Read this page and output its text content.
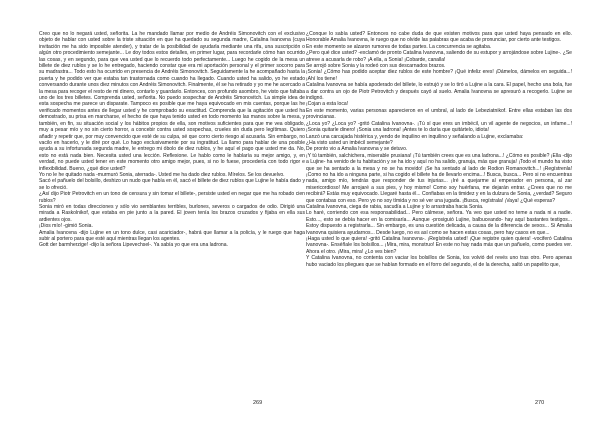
Creo que no lo negará usted, señorita. La he mandado llamar por medio de Andréis Simonovitch con el exclusivo objeto de hablar con usted sobre la triste situación en que ha quedado su segunda madre, Catalina Ivanovna (cuya invitación me ha sido imposible atender), y tratar de la posibilidad de ayudarla mediante una rifa, una suscripción o algún otro procedimiento semejante... Le doy todos estos detalles, en primer lugar, para recordarle cómo han ocurrido las cosas, y en segundo, para que vea usted que lo recuerdo todo perfectamente... Luego he cogido de la mesa un billete de diez rublos y se lo he entregado, haciendo constar que era mi aportación personal y el primer socorro para su madrastra... Todo esto ha ocurrido en presencia de Andréis Simonovitch. Seguidamente la he acompañado hasta la puerta y he podido ver que estaba tan trastornada como cuando ha llegado. Cuando usted ha salido, yo he estado conversando durante unos diez minutos con Andréis Simonovitch. Finalmente, él se ha retirado y yo me he acercado a la mesa para recoger el resto de mi dinero, contarlo y guardarlo. Entonces, con profundo asombro, he visto que faltaba uno de los tres billetes. Comprenda usted, señorita. No puedo sospechar de Andréis Simonovitch. La simple idea de esta sospecha me parece un disparate. Tampoco es posible que me haya equivocado en mis cuentas, porque las he verificado momentos antes de llegar usted y he comprobado su exactitud. Comprenda que la agitación que usted ha demostrado, su prisa en marcharse, el hecho de que haya tenido usted en todo momento las manos sobre la mesa, y también, en fin, su situación social y los hábitos propios de ella, son motivos suficientes para que me vea obligado, muy a pesar mío y no sin cierto horror, a concebir contra usted sospechas, crueles sin duda pero legítimas. Quiero añadir y repetir que, por muy convencido que esté de su culpa, sé que corro cierto riesgo al acusarla. Sin embargo, no vacilo en hacerlo, y le diré por qué. Lo hago exclusivamente por su ingratitud. La llamo para hablar de una posible ayuda a su infortunada segunda madre, le entrego mi óbolo de diez rublos, y he aquí el pago que usted me da. No, esto no está nada bien. Necesita usted una lección. Reflexione. Le hablo como le hablaría su mejor amigo, y, en verdad, no puede usted tener en este momento otro amigo mejor, pues, si no lo fuese, procedería con todo rigor e inflexibilidad. Bueno, ¿qué dice usted?

Yo no le he quitado nada -murmuró Sonia, aterrada-. Usted me ha dado diez rublos. Mírelos. Se los devuelvo.

Sacó el pañuelo del bolsillo, deshizo un nudo que había en él, sacó el billete de diez rublos que Lujine le había dado y se lo ofreció.

¿Así dijo Piotr Petrovitch en un tono de censura y sin tomar el billete-, persiste usted en negar que me ha robado cien rublos?

Sonia miró en todas direcciones y sólo vio semblantes terribles, burlones, severos o cargados de odio. Dirigió una mirada a Raskolnikof, que estaba en pie junto a la pared. El joven tenía los brazos cruzados y fijaba en ella sus ardientes ojos.

¡Dios mío! -gimió Sonia.

Amalia Ivanovna -dijo Lujine en un tono dulce, casi acariciador-, habrá que llamar a la policía, y le ruego que haga subir al portero para que esté aquí mientras llegan los agentes.

Gott der barmherzige! -dijo la señora Lipevechsel-. Ya sabía yo que era una ladrona.

269

¿Conque lo sabía usted? Entonces no cabe duda de que existen motivos para que usted haya pensado en ello. Honorable Amalia Ivanovna, le ruego que no olvide las palabras que acaba de pronunciar, por cierto ante testigos.

En este momento se alzaron rumores de todas partes. La concurrencia se agitaba.

¿Pero qué dice usted? -exclamó de pronto Catalina Ivanovna, saliendo de su estupor y arrojándose sobre Lujine-. ¿Se atreve a acusarla de robo? ¡A ella, a Sonia! ¡Cobarde, canalla!

Se arrojó sobre Sonia y la rodeó con sus descarnados brazos.

¡Sonia! ¿Cómo has podido aceptar diez rublos de este hombre? ¡Qué infeliz eres! ¡Dámelos, dámelos en seguida...! ¡Ahí los tiene!

Catalina Ivanovna se había apoderado del billete, lo estrujó y se lo tiró a Lujine a la cara. El papel, hecho una bola, fue a dar contra un ojo de Piotr Petrovitch y después cayó al suelo. Amalia Ivanovna se apresuró a recogerlo. Lujine se indignó.

¡Cojan a esta loca!

En este momento, varias personas aparecieron en el umbral, al lado de Lebeziatnikof. Entre ellas estaban las dos provincianas.

¿Loca yo? ¿Loca yo? -gritó Catalina Ivanovna-. ¡Tú sí que eres un imbécil, un vil agente de negocios, un infame...! ¡Sonia quitarle dinero! ¡Sonia una ladrona! ¡Antes te lo daría que quitártelo, idiota!

Lanzó una carcajada histérica y, yendo de inquilino en inquilino y señalando a Lujine, exclamaba:

¿Ha visto usted un imbécil semejante?

De pronto vio a Amalia Ivanovna y se detuvo.

¡Y tú también, salchichera, miserable prusiana! ¡Tú también crees que es una ladrona...! ¿Cómo es posible? ¡Ella -dijo a Lujine- ha venido de tu habitación y se ha ido y aquí no ha salido, granuja, más que granuja! ¡Todo el mundo ha visto que se ha sentado a la mesa y no se ha movido! ¡Se ha sentado al lado de Rodion Romanovitch...! ¡Regístrenla! ¡Como no ha ido a ninguna parte, si ha cogido el billete ha de llevarlo encima...! Busca, busca... Pero si no encuentras nada, amigo mío, tendrás que responder de tus injurias... ¡Iré a quejarme al emperador en persona, al zar misericordioso! Me arrojaré a sus pies, y hoy mismo! Como soy huérfana, me dejarán entrar. ¿Crees que no me recibirá? Estás muy equivocado. Llegaré hasta él... Confiabas en la timidez y en la dulzura de Sonia, ¿verdad? Seguro que contabas con eso. Pero yo no soy tímida y no sé ver una jugada. ¡Busca, regístrala! ¡Vaya! ¿Qué esperas?

Catalina Ivanovna, ciega de rabia, sacudía a Lujine y lo arrastraba hacia Sonia.

Lo haré, corriendo con esa responsabilidad... Pero cálmese, señora. Ya veo que usted no teme a nada ni a nadie. Esto..., esto se debía hacer en la comisaría... Aunque -prosiguió Lujine, balbuceando- hay aquí bastantes testigos... Estoy dispuesto a registrarla... Sin embargo, es una cuestión delicada, a causa de la diferencia de sexos... Si Amalia Ivanovna quisiera ayudarnos... Desde luego, no es así como se hacen estas cosas, pero hay casos en que...

¡Haga usted lo que quiera! -gritó Catalina Ivanovna-. ¡Regístrela usted! ¡Que registre quien quiera! -vociferó Catalina Ivanovna-. Enséñale los bolsillos... ¡Mira, mira, monstruo! En este no hay nada más que un pañuelo, como puedes ver. Ahora el otro. ¡Mira, mira! ¿Lo ves bien?

Y Catalina Ivanovna, no contenta con vaciar los bolsillos de Sonia, los volvió del revés uno tras otro. Pero apenas hubo vaciado los pliegues que se habían formado en el forro del segundo, el de la derecha, saltó un papelito que,

270
